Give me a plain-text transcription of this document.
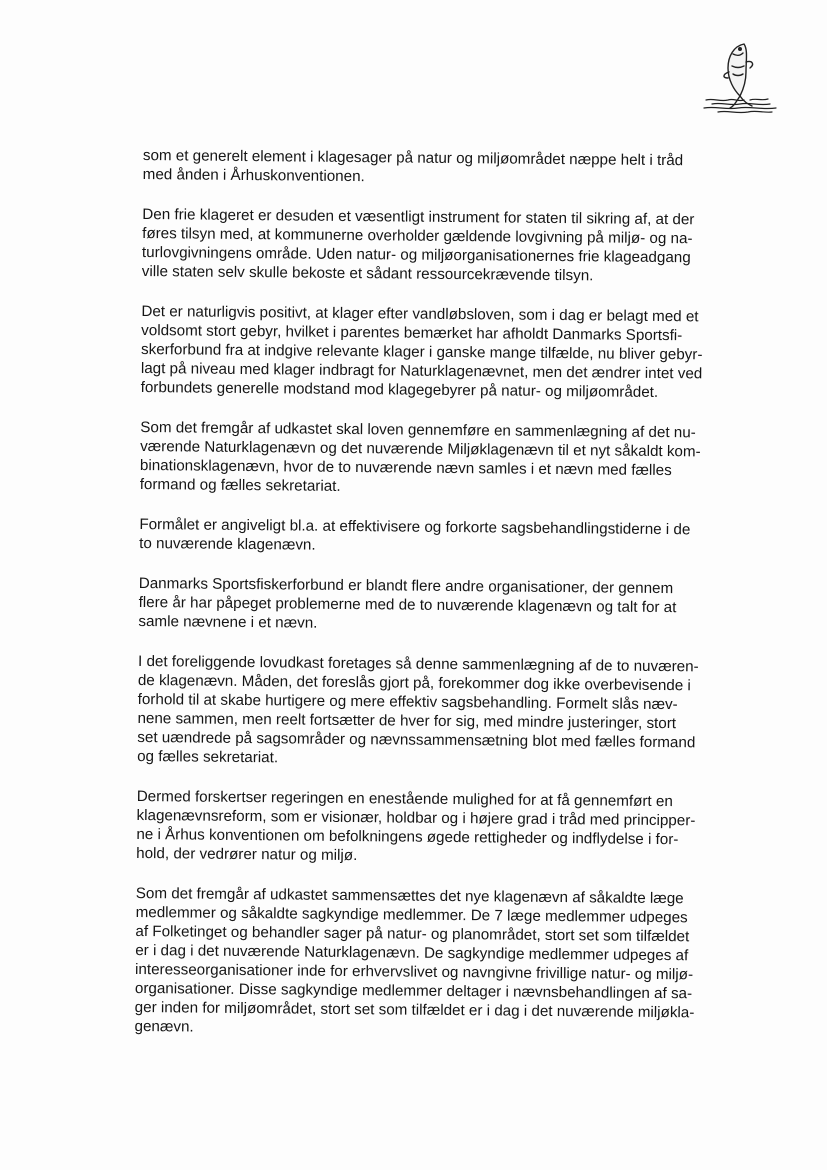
som et generelt element i klagesager på natur og miljøområdet næppe helt i tråd
med ånden i Århuskonventionen.

Den frie klageret er desuden et væsentligt instrument for staten til sikring af, at der
føres tilsyn med, at kommunerne overholder gældende lovgivning på miljø- og na-
turlovgivningens område. Uden natur- og miljøorganisationernes frie klageadgang
ville staten selv skulle bekoste et sådant ressourcekrævende tilsyn.

Det er naturligvis positivt, at klager efter vandløbsloven, som i dag er belagt med et
voldsomt stort gebyr, hvilket i parentes bemærket har afholdt Danmarks Sportsfi-
skerforbund fra at indgive relevante klager i ganske mange tilfælde, nu bliver gebyr-
lagt på niveau med klager indbragt for Naturklagenævnet, men det ændrer intet ved
forbundets generelle modstand mod klagegebyrer på natur- og miljøområdet.

Som det fremgår af udkastet skal loven gennemføre en sammenlægning af det nu-
værende Naturklagenævn og det nuværende Miljøklagenævn til et nyt såkaldt kom-
binationsklagenævn, hvor de to nuværende nævn samles i et nævn med fælles
formand og fælles sekretariat.

Formålet er angiveligt bl.a. at effektivisere og forkorte sagsbehandlingstiderne i de
to nuværende klagenævn.

Danmarks Sportsfiskerforbund er blandt flere andre organisationer, der gennem
flere år har påpeget problemerne med de to nuværende klagenævn og talt for at
samle nævnene i et nævn.

I det foreliggende lovudkast foretages så denne sammenlægning af de to nuværen-
de klagenævn. Måden, det foreslås gjort på, forekommer dog ikke overbevisende i
forhold til at skabe hurtigere og mere effektiv sagsbehandling. Formelt slås næv-
nene sammen, men reelt fortsætter de hver for sig, med mindre justeringer, stort
set uændrede på sagsområder og nævnssammensætning blot med fælles formand
og fælles sekretariat.

Dermed forskertser regeringen en enestående mulighed for at få gennemført en
klagenævnsreform, som er visionær, holdbar og i højere grad i tråd med principper-
ne i Århus konventionen om befolkningens øgede rettigheder og indflydelse i for-
hold, der vedrører natur og miljø.

Som det fremgår af udkastet sammensættes det nye klagenævn af såkaldte læge
medlemmer og såkaldte sagkyndige medlemmer. De 7 læge medlemmer udpeges
af Folketinget og behandler sager på natur- og planområdet, stort set som tilfældet
er i dag i det nuværende Naturklagenævn. De sagkyndige medlemmer udpeges af
interesseorganisationer inde for erhvervslivet og navngivne frivillige natur- og miljø-
organisationer. Disse sagkyndige medlemmer deltager i nævnsbehandlingen af sa-
ger inden for miljøområdet, stort set som tilfældet er i dag i det nuværende miljøkla-
genævn.
